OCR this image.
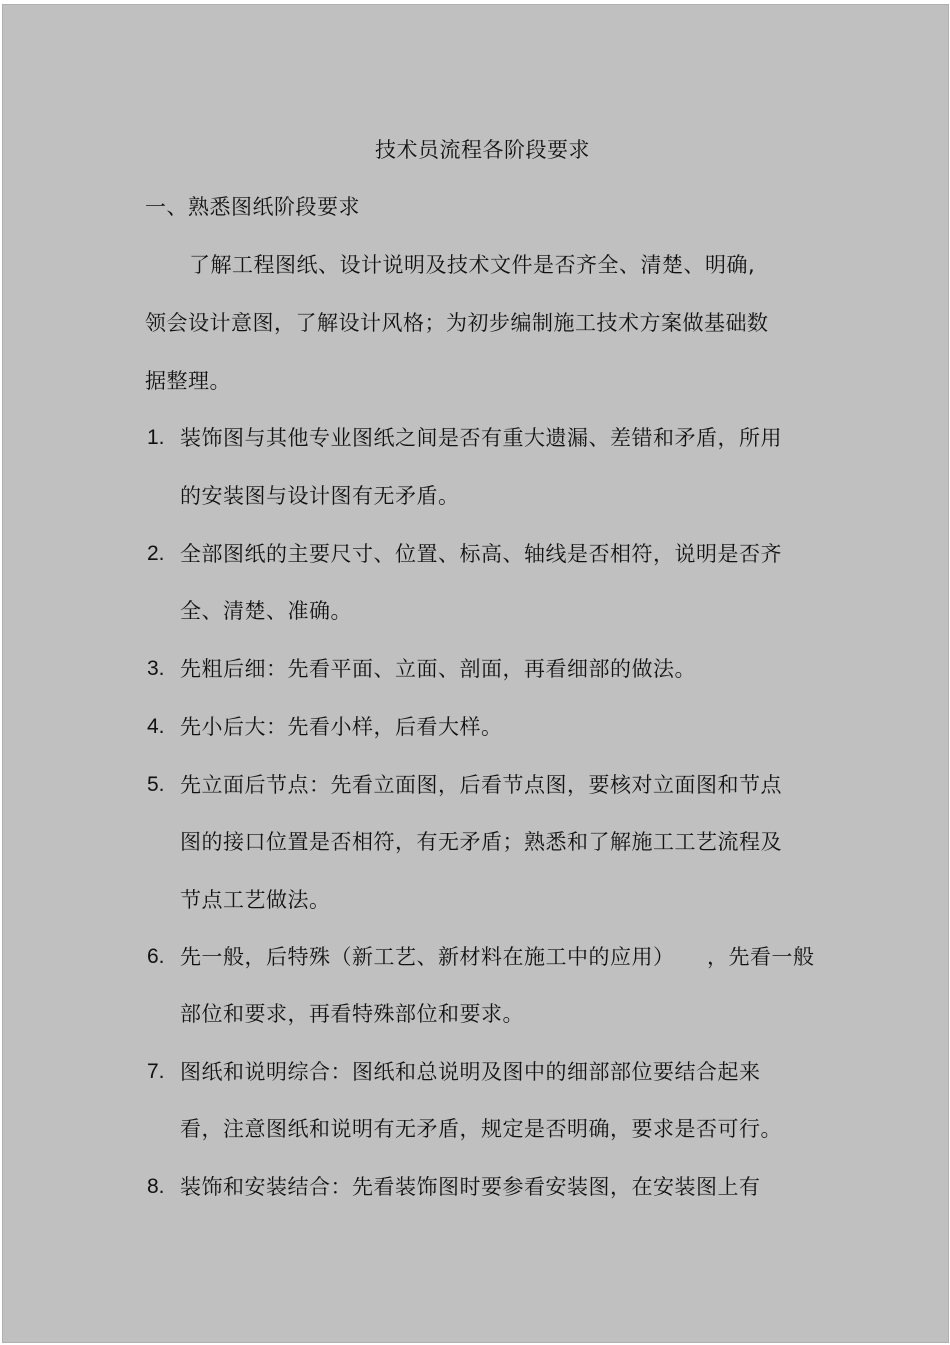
技术员流程各阶段要求
一、熟悉图纸阶段要求
了解工程图纸、设计说明及技术文件是否齐全、清楚、明确,
领会设计意图，了解设计风格；为初步编制施工技术方案做基础数
据整理。
1. 装饰图与其他专业图纸之间是否有重大遗漏、差错和矛盾，所用
的安装图与设计图有无矛盾。
2. 全部图纸的主要尺寸、位置、标高、轴线是否相符，说明是否齐
全、清楚、准确。
3. 先粗后细：先看平面、立面、剖面，再看细部的做法。
4. 先小后大：先看小样，后看大样。
5. 先立面后节点：先看立面图，后看节点图，要核对立面图和节点
图的接口位置是否相符，有无矛盾；熟悉和了解施工工艺流程及
节点工艺做法。
6. 先一般，后特殊（新工艺、新材料在施工中的应用）　　，先看一般
部位和要求，再看特殊部位和要求。
7. 图纸和说明综合：图纸和总说明及图中的细部部位要结合起来
看，注意图纸和说明有无矛盾，规定是否明确，要求是否可行。
8. 装饰和安装结合：先看装饰图时要参看安装图，在安装图上有
